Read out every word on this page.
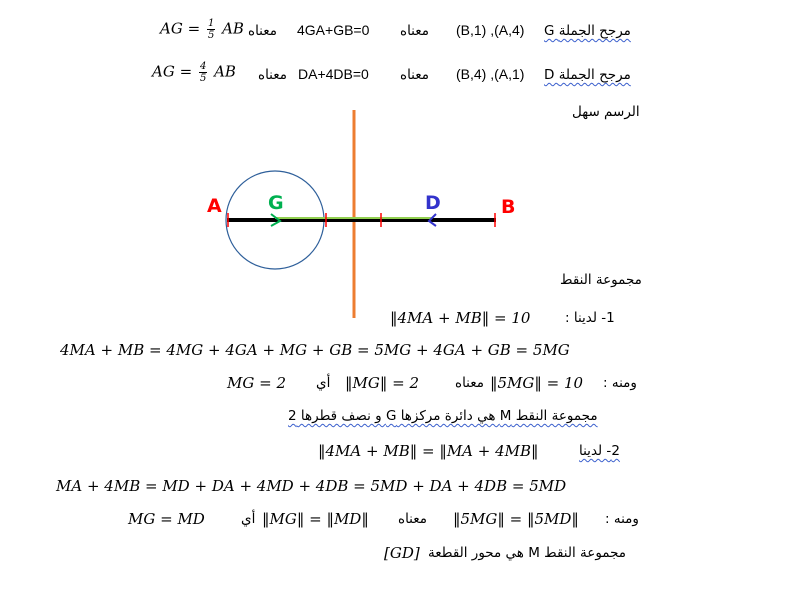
AG = $\frac{1}{5}$ AB معناه 4GA+GB=0 معناه (B,1) ,(A,4) G مرجح الجملة
AG = $\frac{4}{5}$ AB معناه DA+4DB=0 معناه (B,4) ,(A,1) D مرجح الجملة
الرسم سهل
A G	D	B
مجموعة النقط
‖4MA + MB‖ = 10	1- لدينا :
4MA + MB = 4MG + 4GA + MG + GB = 5MG + 4GA + GB = 5MG
MG = 2 أي ‖MG‖ = 2	معناه ‖5MG‖ = 10 ومنه :
مجموعة النقط M هي دائرة مركزها G و نصف قطرها 2
‖4MA + MB‖ = ‖MA + 4MB‖	2- لدينا
MA + 4MB = MD + DA + 4MD + 4DB = 5MD + DA + 4DB = 5MD
MG = MD	أي ‖MG‖ = ‖MD‖ معناه ‖5MG‖ = ‖5MD‖ ومنه :
[GD] مجموعة النقط M هي محور القطعة
